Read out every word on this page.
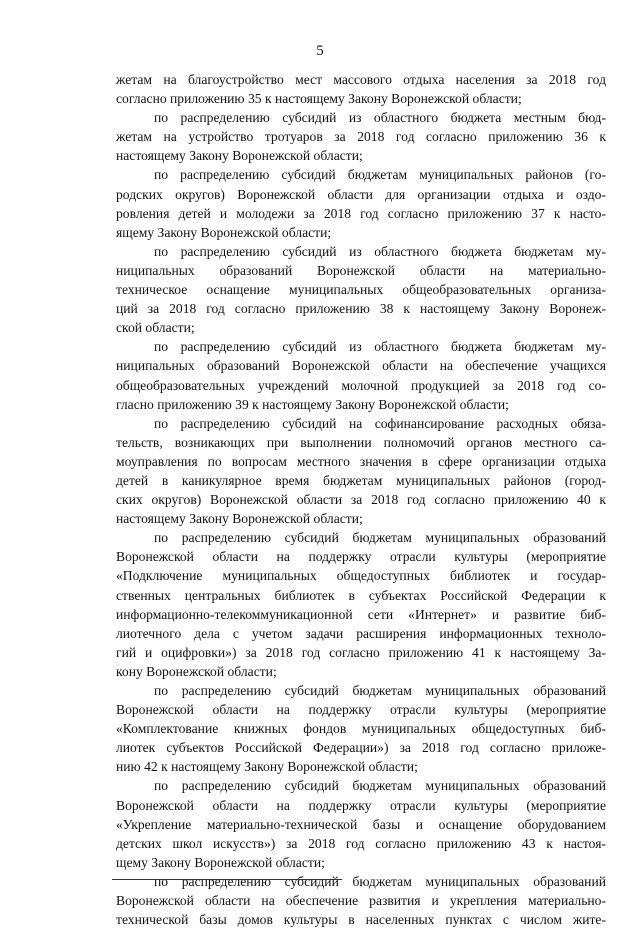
5
жетам на благоустройство мест массового отдыха населения за 2018 год
согласно приложению 35 к настоящему Закону Воронежской области;
по распределению субсидий из областного бюджета местным бюд-
жетам на устройство тротуаров за 2018 год согласно приложению 36 к
настоящему Закону Воронежской области;
по распределению субсидий бюджетам муниципальных районов (го-
родских округов) Воронежской области для организации отдыха и оздо-
ровления детей и молодежи за 2018 год согласно приложению 37 к насто-
ящему Закону Воронежской области;
по распределению субсидий из областного бюджета бюджетам му-
ниципальных образований Воронежской области на материально-
техническое оснащение муниципальных общеобразовательных организа-
ций за 2018 год согласно приложению 38 к настоящему Закону Воронеж-
ской области;
по распределению субсидий из областного бюджета бюджетам му-
ниципальных образований Воронежской области на обеспечение учащихся
общеобразовательных учреждений молочной продукцией за 2018 год со-
гласно приложению 39 к настоящему Закону Воронежской области;
по распределению субсидий на софинансирование расходных обяза-
тельств, возникающих при выполнении полномочий органов местного са-
моуправления по вопросам местного значения в сфере организации отдыха
детей в каникулярное время бюджетам муниципальных районов (город-
ских округов) Воронежской области за 2018 год согласно приложению 40 к
настоящему Закону Воронежской области;
по распределению субсидий бюджетам муниципальных образований
Воронежской области на поддержку отрасли культуры (мероприятие
«Подключение муниципальных общедоступных библиотек и государ-
ственных центральных библиотек в субъектах Российской Федерации к
информационно-телекоммуникационной сети «Интернет» и развитие биб-
лиотечного дела с учетом задачи расширения информационных техноло-
гий и оцифровки») за 2018 год согласно приложению 41 к настоящему За-
кону Воронежской области;
по распределению субсидий бюджетам муниципальных образований
Воронежской области на поддержку отрасли культуры (мероприятие
«Комплектование книжных фондов муниципальных общедоступных биб-
лиотек субъектов Российской Федерации») за 2018 год согласно приложе-
нию 42 к настоящему Закону Воронежской области;
по распределению субсидий бюджетам муниципальных образований
Воронежской области на поддержку отрасли культуры (мероприятие
«Укрепление материально-технической базы и оснащение оборудованием
детских школ искусств») за 2018 год согласно приложению 43 к настоя-
щему Закону Воронежской области;
по распределению субсидий бюджетам муниципальных образований
Воронежской области на обеспечение развития и укрепления материально-
технической базы домов культуры в населенных пунктах с числом жите-
